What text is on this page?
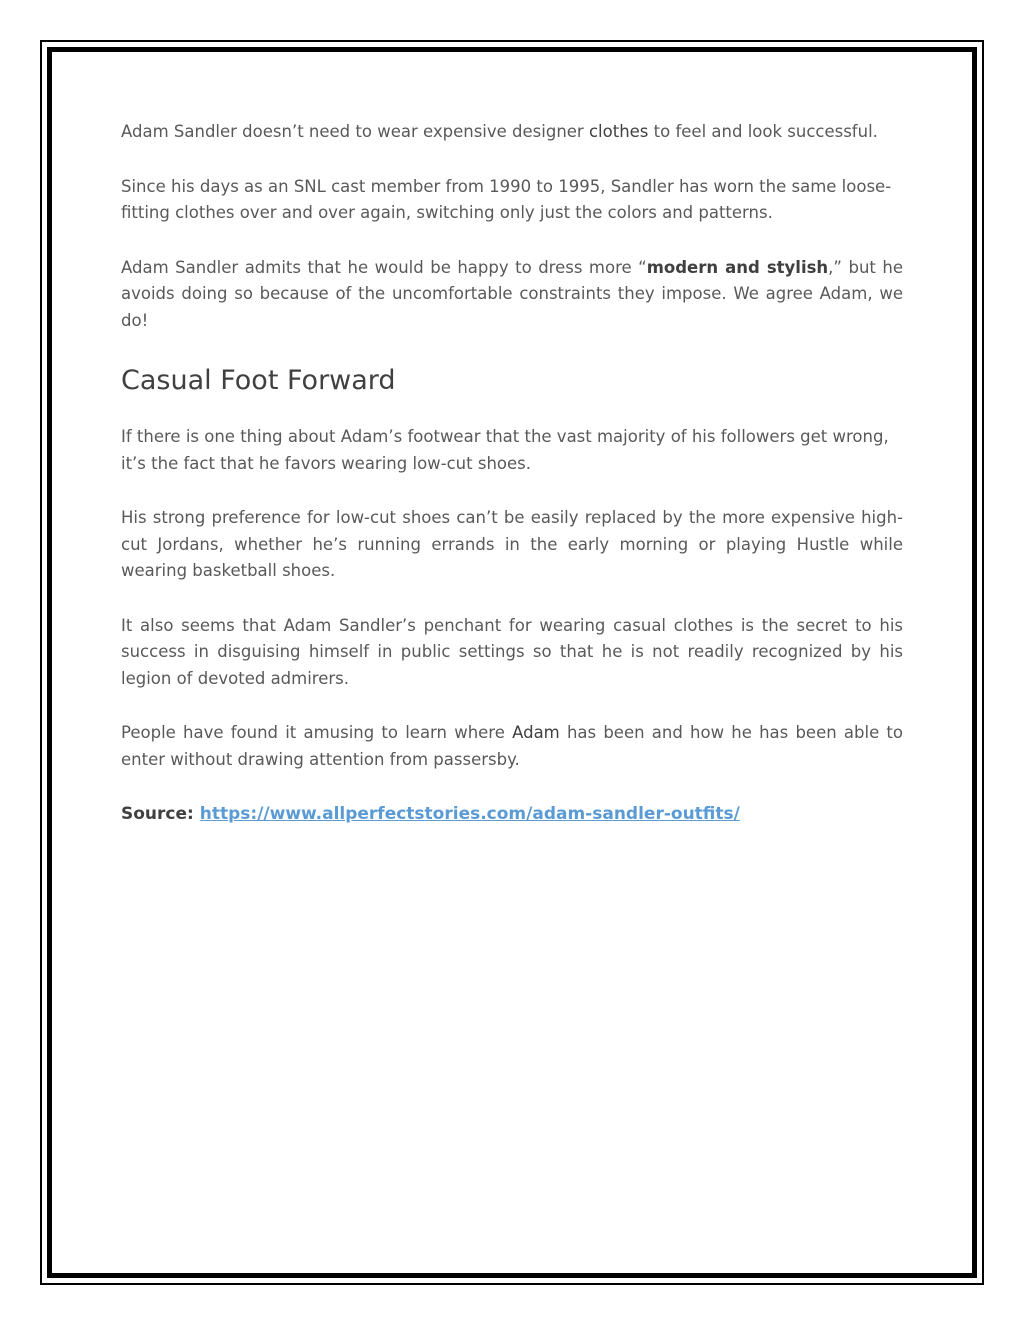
Adam Sandler doesn’t need to wear expensive designer clothes to feel and look successful.

Since his days as an SNL cast member from 1990 to 1995, Sandler has worn the same loose-fitting clothes over and over again, switching only just the colors and patterns.

Adam Sandler admits that he would be happy to dress more “modern and stylish,” but he avoids doing so because of the uncomfortable constraints they impose. We agree Adam, we do!

Casual Foot Forward

If there is one thing about Adam’s footwear that the vast majority of his followers get wrong, it’s the fact that he favors wearing low-cut shoes.

His strong preference for low-cut shoes can’t be easily replaced by the more expensive high-cut Jordans, whether he’s running errands in the early morning or playing Hustle while wearing basketball shoes.

It also seems that Adam Sandler’s penchant for wearing casual clothes is the secret to his success in disguising himself in public settings so that he is not readily recognized by his legion of devoted admirers.

People have found it amusing to learn where Adam has been and how he has been able to enter without drawing attention from passersby.

Source: https://www.allperfectstories.com/adam-sandler-outfits/
